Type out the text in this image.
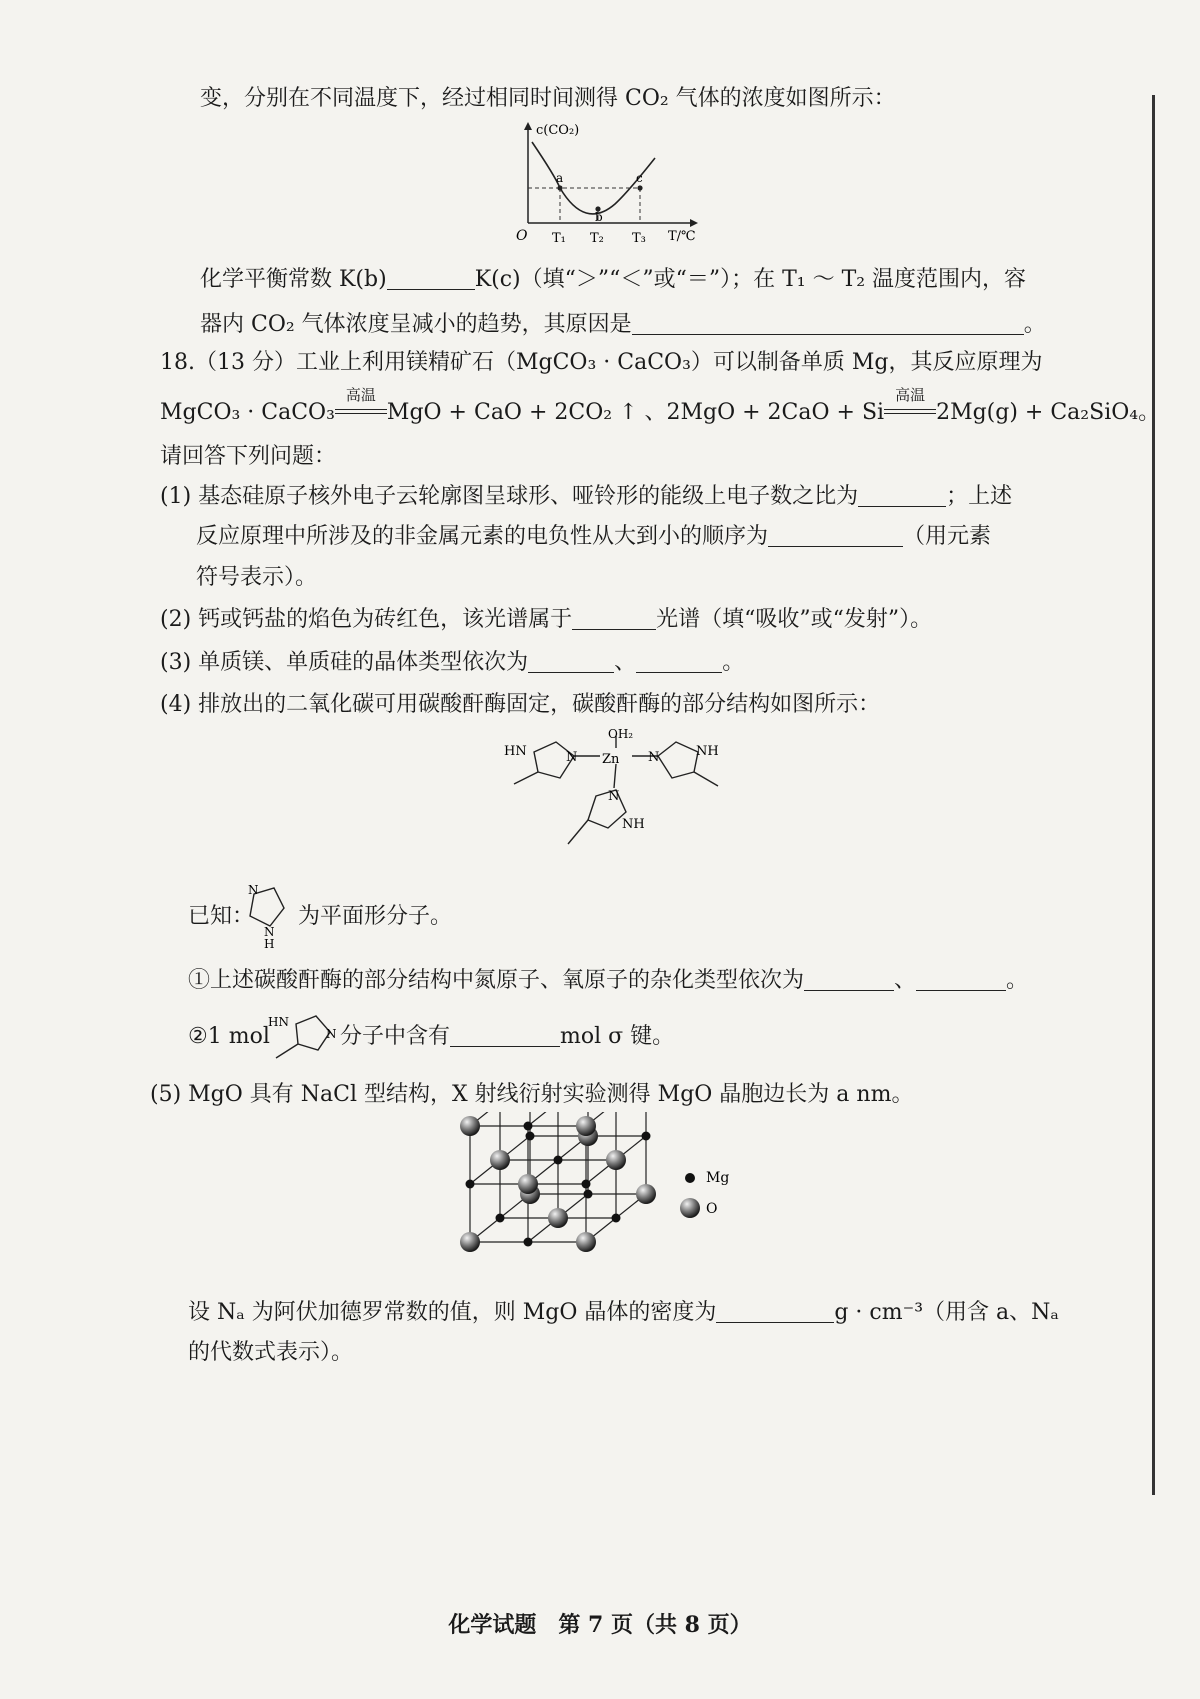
变，分别在不同温度下，经过相同时间测得 CO₂ 气体的浓度如图所示：
c(CO₂)
O	T/℃
a
b
c
T₁ T₂ T₃
化学平衡常数 K(b)	K(c)（填“＞”“＜”或“＝”）；在 T₁ ～ T₂ 温度范围内，容
器内 CO₂ 气体浓度呈减小的趋势，其原因是	。
18.（13 分）工业上利用镁精矿石（MgCO₃ · CaCO₃）可以制备单质 Mg，其反应原理为
MgCO₃ · CaCO₃
高温
MgO + CaO + 2CO₂ ↑ 、2MgO + 2CaO + Si
高温
2Mg(g) + Ca₂SiO₄。
请回答下列问题：
(1) 基态硅原子核外电子云轮廓图呈球形、哑铃形的能级上电子数之比为	；上述
反应原理中所涉及的非金属元素的电负性从大到小的顺序为	（用元素
符号表示）。
(2) 钙或钙盐的焰色为砖红色，该光谱属于	光谱（填“吸收”或“发射”）。
(3) 单质镁、单质硅的晶体类型依次为	、	。
(4) 排放出的二氧化碳可用碳酸酐酶固定，碳酸酐酶的部分结构如图所示：
HN	N Zn
OH₂
N	NH
N
NH
已知：
N
N
H
为平面形分子。
①上述碳酸酐酶的部分结构中氮原子、氧原子的杂化类型依次为	、	。
②1 mol
HN
N 分子中含有	mol σ 键。
(5) MgO 具有 NaCl 型结构，X 射线衍射实验测得 MgO 晶胞边长为 a nm。
Mg
O
设 Nₐ 为阿伏加德罗常数的值，则 MgO 晶体的密度为	g · cm⁻³（用含 a、Nₐ
的代数式表示）。
化学试题　第 7 页（共 8 页）
